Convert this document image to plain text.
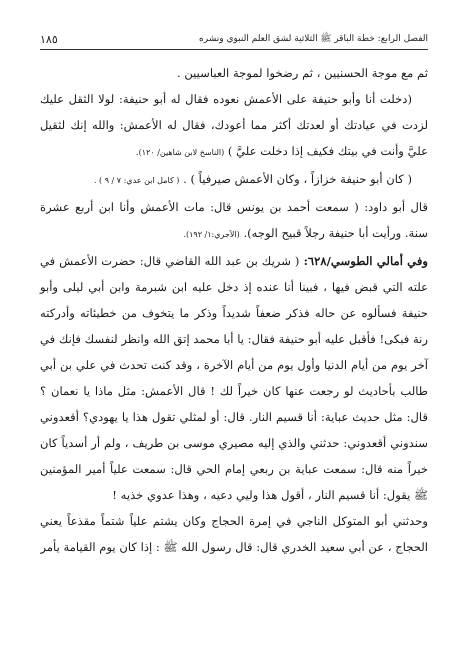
الفصل الرابع: خطة الباقر ﷺ الثلاثية لشق العلم النبوي ونشره
١٨٥

ثم مع موجة الحسنيين ، ثم رضخوا لموجة العباسيين .

(دخلت أنا وأبو حنيفة على الأعمش نعوده فقال له أبو حنيفة: لولا الثقل عليك لزدت في عيادتك أو لعدتك أكثر مما أعودك، فقال له الأعمش: والله إنك لثقيل عليَّ وأنت في بيتك فكيف إذا دخلت عليَّ ) (الناسخ لابن شاهين/ ١٢٠).

( كان أبو حنيفة خزازاً ، وكان الأعمش صيرفياً ) . ( كامل ابن عدي: ٧ / ٩ ) .

قال أبو داود: ( سمعت أحمد بن يونس قال: مات الأعمش وأنا ابن أربع عشرة سنة. ورأيت أبا حنيفة رجلاً قبيح الوجه). (الآجري:١/ ١٩٢).

وفي أمالي الطوسي/٦٢٨: ( شريك بن عبد الله القاضي قال: حضرت الأعمش في علته التي قبض فيها ، فبينا أنا عنده إذ دخل عليه ابن شبرمة وابن أبي ليلى وأبو حنيفة فسألوه عن حاله فذكر ضعفاً شديداً وذكر ما يتخوف من خطيئاته وأدركته رنة فبكى! فأقبل عليه أبو حنيفة فقال: يا أبا محمد إتق الله وانظر لنفسك فإنك في آخر يوم من أيام الدنيا وأول يوم من أيام الآخرة ، وقد كنت تحدث في علي بن أبي طالب بأحاديث لو رجعت عنها كان خيراً لك ! قال الأعمش: مثل ماذا يا نعمان ؟ قال: مثل حديث عباية: أنا قسيم النار. قال: أو لمثلي تقول هذا يا يهودي؟ أقعدوني سندوني أقعدوني: حدثني والذي إليه مصيري موسى بن طريف ، ولم أر أسدياً كان خيراً منه قال: سمعت عباية بن ربعي إمام الحي قال: سمعت علياً أمير المؤمنين ﷺ يقول: أنا قسيم النار ، أقول هذا وليي دعيه ، وهذا عدوي خذيه !

وحدثني أبو المتوكل الناجي في إمرة الحجاج وكان يشتم علياً شتماً مقذعاً يعني الحجاج ، عن أبي سعيد الخدري قال: قال رسول الله ﷺ : إذا كان يوم القيامة يأمر
